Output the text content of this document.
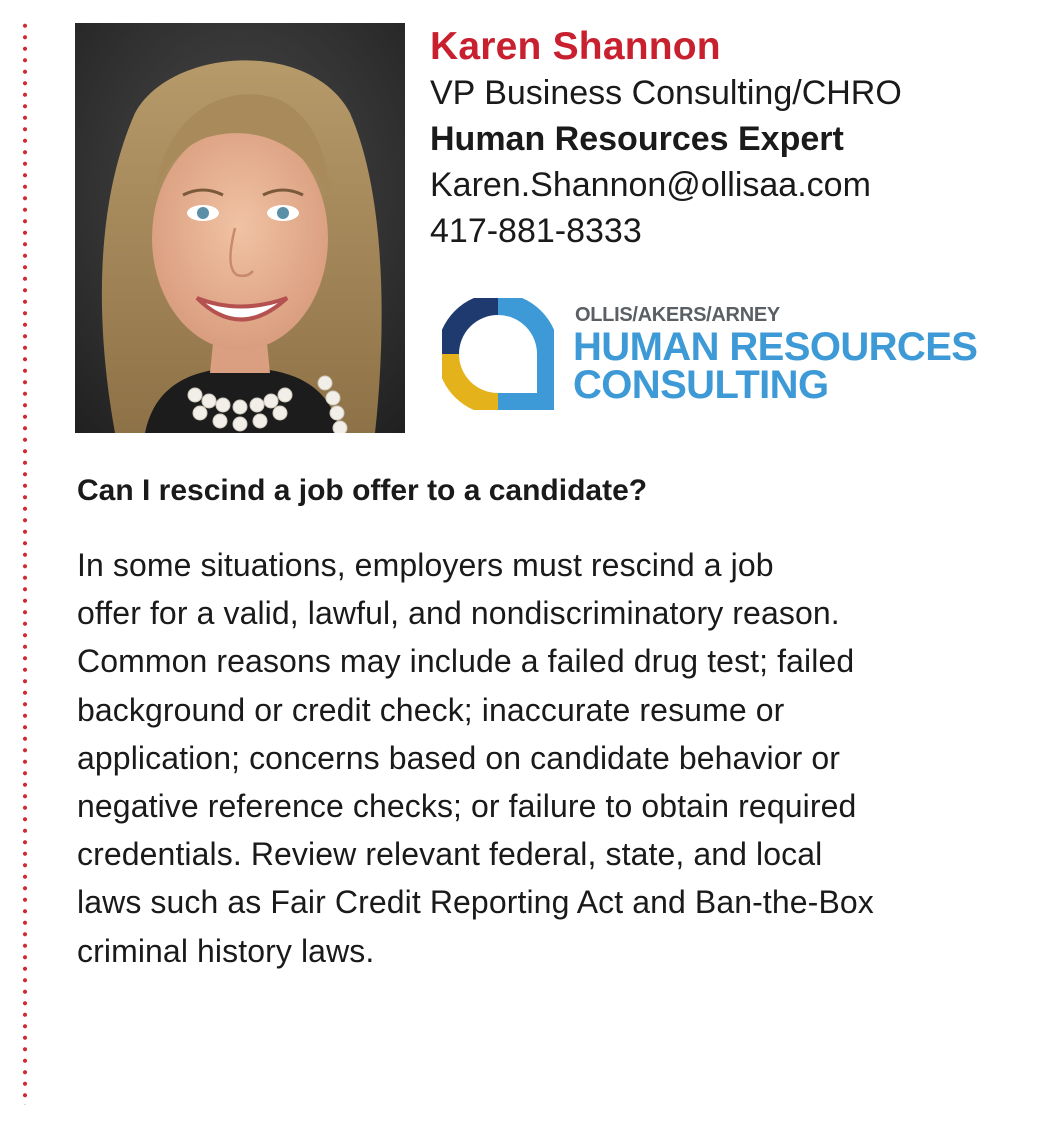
Karen Shannon

VP Business Consulting/CHRO

Human Resources Expert

Karen.Shannon@ollisaa.com

417-881-8333

OLLIS/AKERS/ARNEY
HUMAN RESOURCES
CONSULTING

Can I rescind a job offer to a candidate?

In some situations, employers must rescind a job
offer for a valid, lawful, and nondiscriminatory reason.
Common reasons may include a failed drug test; failed
background or credit check; inaccurate resume or
application; concerns based on candidate behavior or
negative reference checks; or failure to obtain required
credentials. Review relevant federal, state, and local
laws such as Fair Credit Reporting Act and Ban-the-Box
criminal history laws.
